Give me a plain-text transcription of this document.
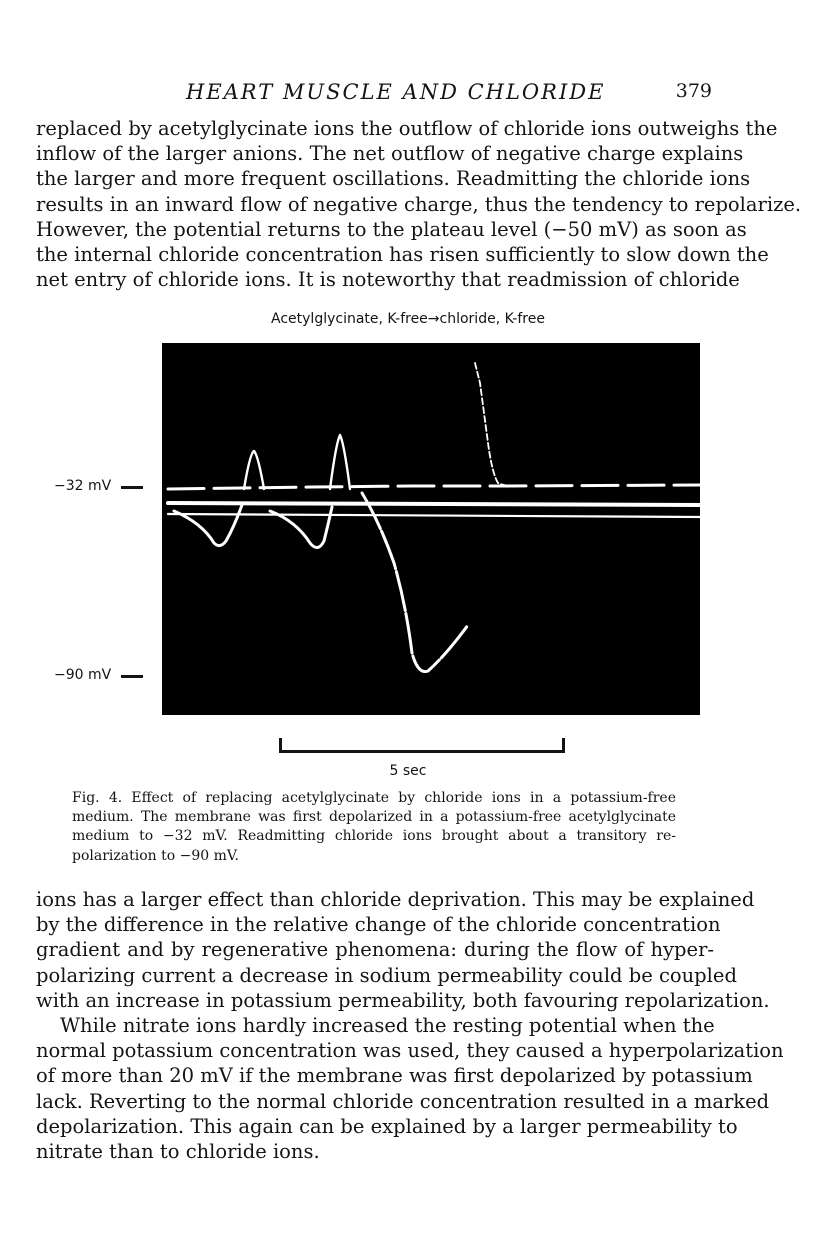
HEART MUSCLE AND CHLORIDE	379
replaced by acetylglycinate ions the outflow of chloride ions outweighs the
inflow of the larger anions. The net outflow of negative charge explains
the larger and more frequent oscillations. Readmitting the chloride ions
results in an inward flow of negative charge, thus the tendency to repolarize.
However, the potential returns to the plateau level (−50 mV) as soon as
the internal chloride concentration has risen sufficiently to slow down the
net entry of chloride ions. It is noteworthy that readmission of chloride
Acetylglycinate, K-free→chloride, K-free
−32 mV
−90 mV
5 sec
Fig. 4. Effect of replacing acetylglycinate by chloride ions in a potassium-free
medium. The membrane was first depolarized in a potassium-free acetylglycinate
medium to −32 mV. Readmitting chloride ions brought about a transitory re-
polarization to −90 mV.
ions has a larger effect than chloride deprivation. This may be explained
by the difference in the relative change of the chloride concentration
gradient and by regenerative phenomena: during the flow of hyper-
polarizing current a decrease in sodium permeability could be coupled
with an increase in potassium permeability, both favouring repolarization.
While nitrate ions hardly increased the resting potential when the
normal potassium concentration was used, they caused a hyperpolarization
of more than 20 mV if the membrane was first depolarized by potassium
lack. Reverting to the normal chloride concentration resulted in a marked
depolarization. This again can be explained by a larger permeability to
nitrate than to chloride ions.
